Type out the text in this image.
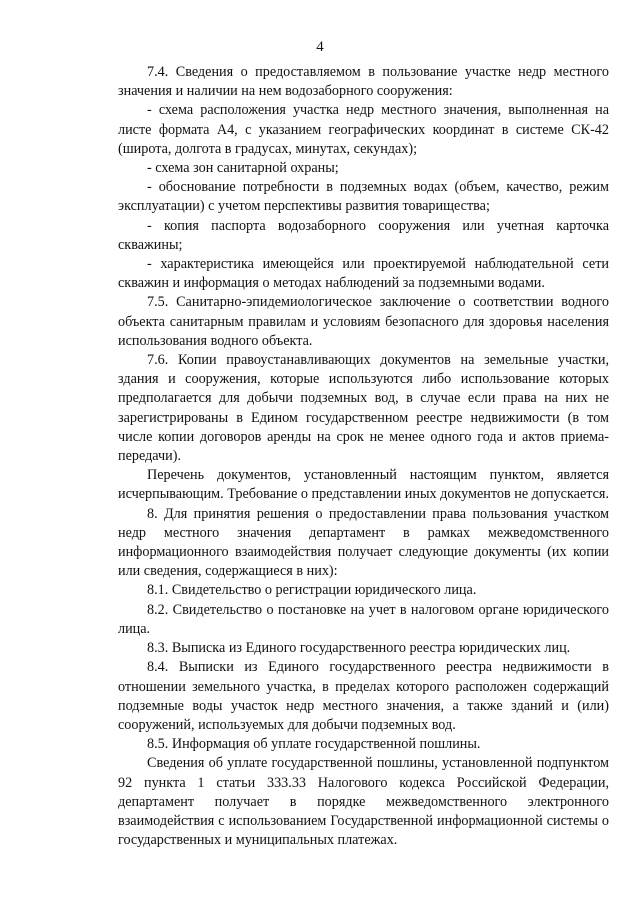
4

7.4. Сведения о предоставляемом в пользование участке недр местного значения и наличии на нем водозаборного сооружения:

- схема расположения участка недр местного значения, выполненная на листе формата А4, с указанием географических координат в системе СК-42 (широта, долгота в градусах, минутах, секундах);

- схема зон санитарной охраны;

- обоснование потребности в подземных водах (объем, качество, режим эксплуатации) с учетом перспективы развития товарищества;

- копия паспорта водозаборного сооружения или учетная карточка скважины;

- характеристика имеющейся или проектируемой наблюдательной сети скважин и информация о методах наблюдений за подземными водами.

7.5. Санитарно-эпидемиологическое заключение о соответствии водного объекта санитарным правилам и условиям безопасного для здоровья населения использования водного объекта.

7.6. Копии правоустанавливающих документов на земельные участки, здания и сооружения, которые используются либо использование которых предполагается для добычи подземных вод, в случае если права на них не зарегистрированы в Едином государственном реестре недвижимости (в том числе копии договоров аренды на срок не менее одного года и актов приема-передачи).

Перечень документов, установленный настоящим пунктом, является исчерпывающим. Требование о представлении иных документов не допускается.

8. Для принятия решения о предоставлении права пользования участком недр местного значения департамент в рамках межведомственного информационного взаимодействия получает следующие документы (их копии или сведения, содержащиеся в них):

8.1. Свидетельство о регистрации юридического лица.

8.2. Свидетельство о постановке на учет в налоговом органе юридического лица.

8.3. Выписка из Единого государственного реестра юридических лиц.

8.4. Выписки из Единого государственного реестра недвижимости в отношении земельного участка, в пределах которого расположен содержащий подземные воды участок недр местного значения, а также зданий и (или) сооружений, используемых для добычи подземных вод.

8.5. Информация об уплате государственной пошлины.

Сведения об уплате государственной пошлины, установленной подпунктом 92 пункта 1 статьи 333.33 Налогового кодекса Российской Федерации, департамент получает в порядке межведомственного электронного взаимодействия с использованием Государственной информационной системы о государственных и муниципальных платежах.
